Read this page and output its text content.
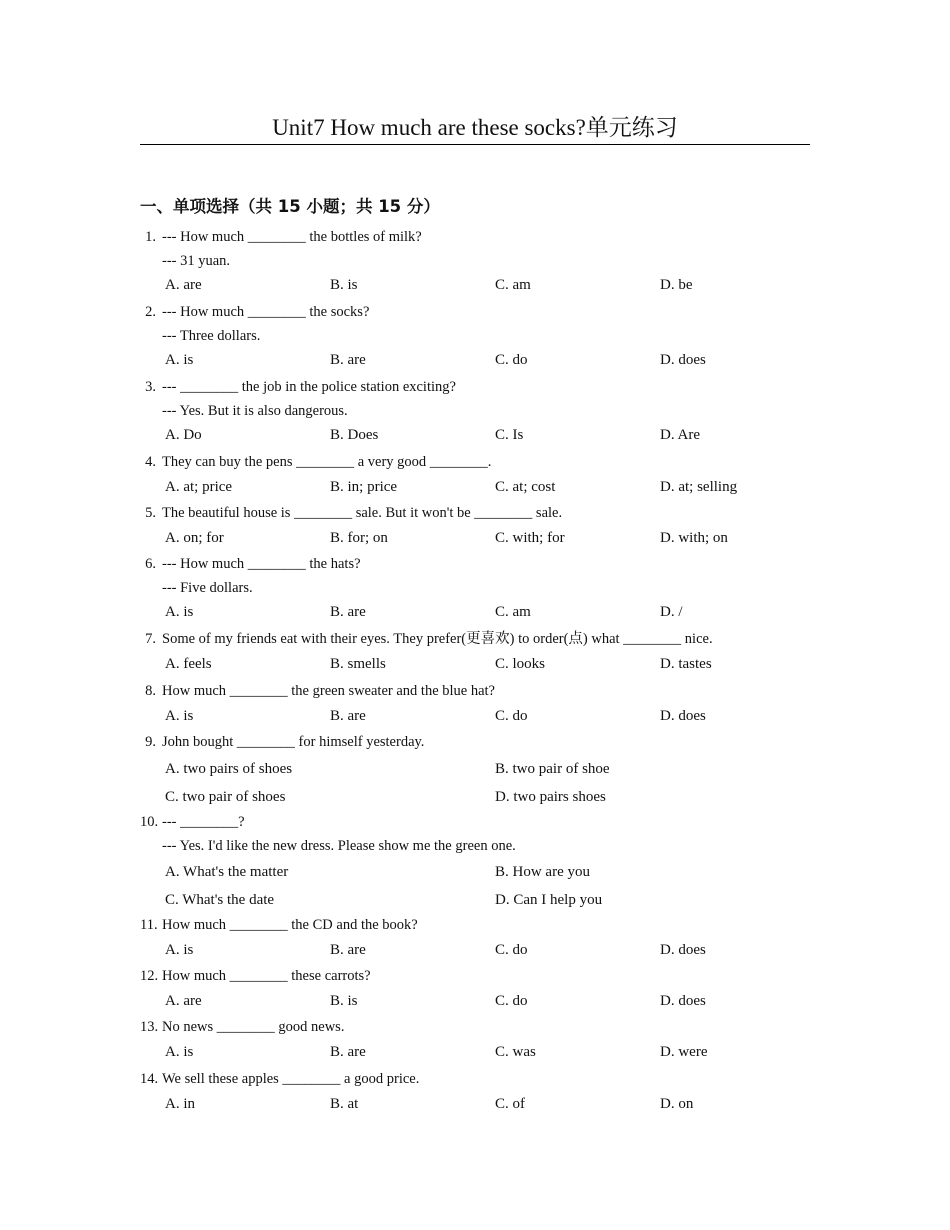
Unit7 How much are these socks?单元练习
一、单项选择（共 15 小题；共 15 分）
1. --- How much ________ the bottles of milk?
--- 31 yuan.
A. are	B. is	C. am	D. be
2. --- How much ________ the socks?
--- Three dollars.
A. is	B. are	C. do	D. does
3. --- ________ the job in the police station exciting?
--- Yes. But it is also dangerous.
A. Do	B. Does	C. Is	D. Are
4. They can buy the pens ________ a very good ________.
A. at; price	B. in; price	C. at; cost	D. at; selling
5. The beautiful house is ________ sale. But it won't be ________ sale.
A. on; for	B. for; on	C. with; for	D. with; on
6. --- How much ________ the hats?
--- Five dollars.
A. is	B. are	C. am	D. /
7. Some of my friends eat with their eyes. They prefer(更喜欢) to order(点) what ________ nice.
A. feels	B. smells	C. looks	D. tastes
8. How much ________ the green sweater and the blue hat?
A. is	B. are	C. do	D. does
9. John bought ________ for himself yesterday.
A. two pairs of shoes	B. two pair of shoe
C. two pair of shoes	D. two pairs shoes
10. --- ________?
--- Yes. I'd like the new dress. Please show me the green one.
A. What's the matter	B. How are you
C. What's the date	D. Can I help you
11. How much ________ the CD and the book?
A. is	B. are	C. do	D. does
12. How much ________ these carrots?
A. are	B. is	C. do	D. does
13. No news ________ good news.
A. is	B. are	C. was	D. were
14. We sell these apples ________ a good price.
A. in	B. at	C. of	D. on
